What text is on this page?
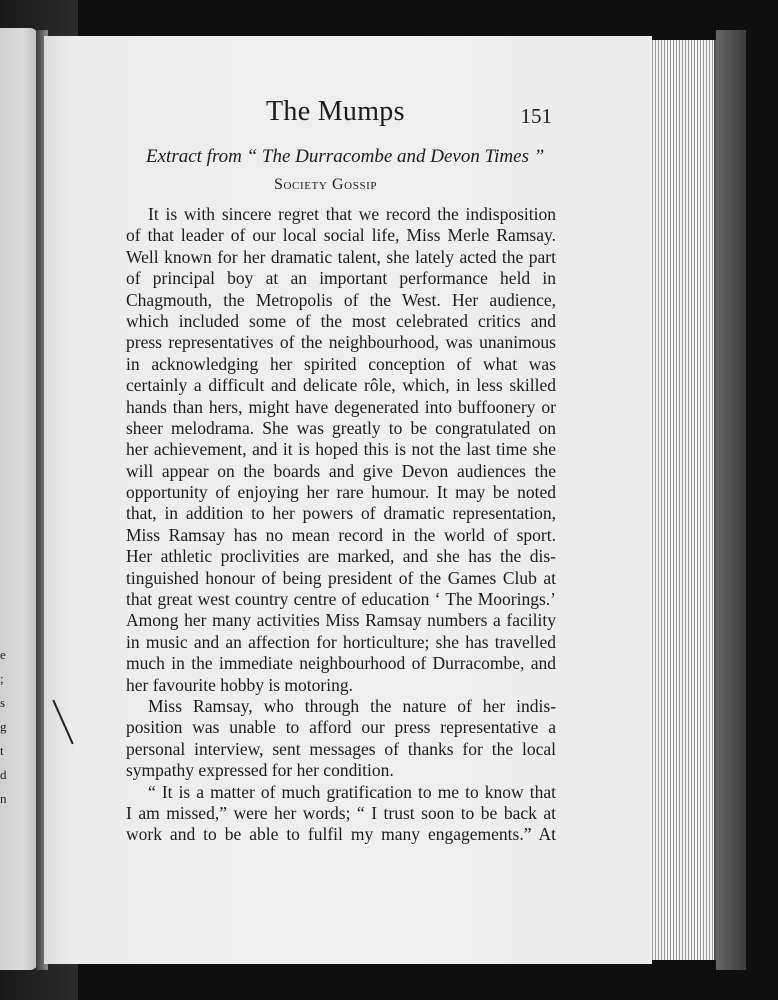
e
;
s
g
t
d
n
The Mumps	151
Extract from “ The Durracombe and Devon Times ”
Society Gossip
It is with sincere regret that we record the indisposition
of that leader of our local social life, Miss Merle Ramsay.
Well known for her dramatic talent, she lately acted the part
of principal boy at an important performance held in
Chagmouth, the Metropolis of the West. Her audience,
which included some of the most celebrated critics and
press representatives of the neighbourhood, was unanimous
in acknowledging her spirited conception of what was
certainly a difficult and delicate rôle, which, in less skilled
hands than hers, might have degenerated into buffoonery or
sheer melodrama. She was greatly to be congratulated on
her achievement, and it is hoped this is not the last time she
will appear on the boards and give Devon audiences the
opportunity of enjoying her rare humour. It may be noted
that, in addition to her powers of dramatic representation,
Miss Ramsay has no mean record in the world of sport.
Her athletic proclivities are marked, and she has the dis-
tinguished honour of being president of the Games Club at
that great west country centre of education ‘ The Moorings.’
Among her many activities Miss Ramsay numbers a facility
in music and an affection for horticulture; she has travelled
much in the immediate neighbourhood of Durracombe, and
her favourite hobby is motoring.
Miss Ramsay, who through the nature of her indis-
position was unable to afford our press representative a
personal interview, sent messages of thanks for the local
sympathy expressed for her condition.
“ It is a matter of much gratification to me to know that
I am missed,” were her words; “ I trust soon to be back at
work and to be able to fulfil my many engagements.” At
